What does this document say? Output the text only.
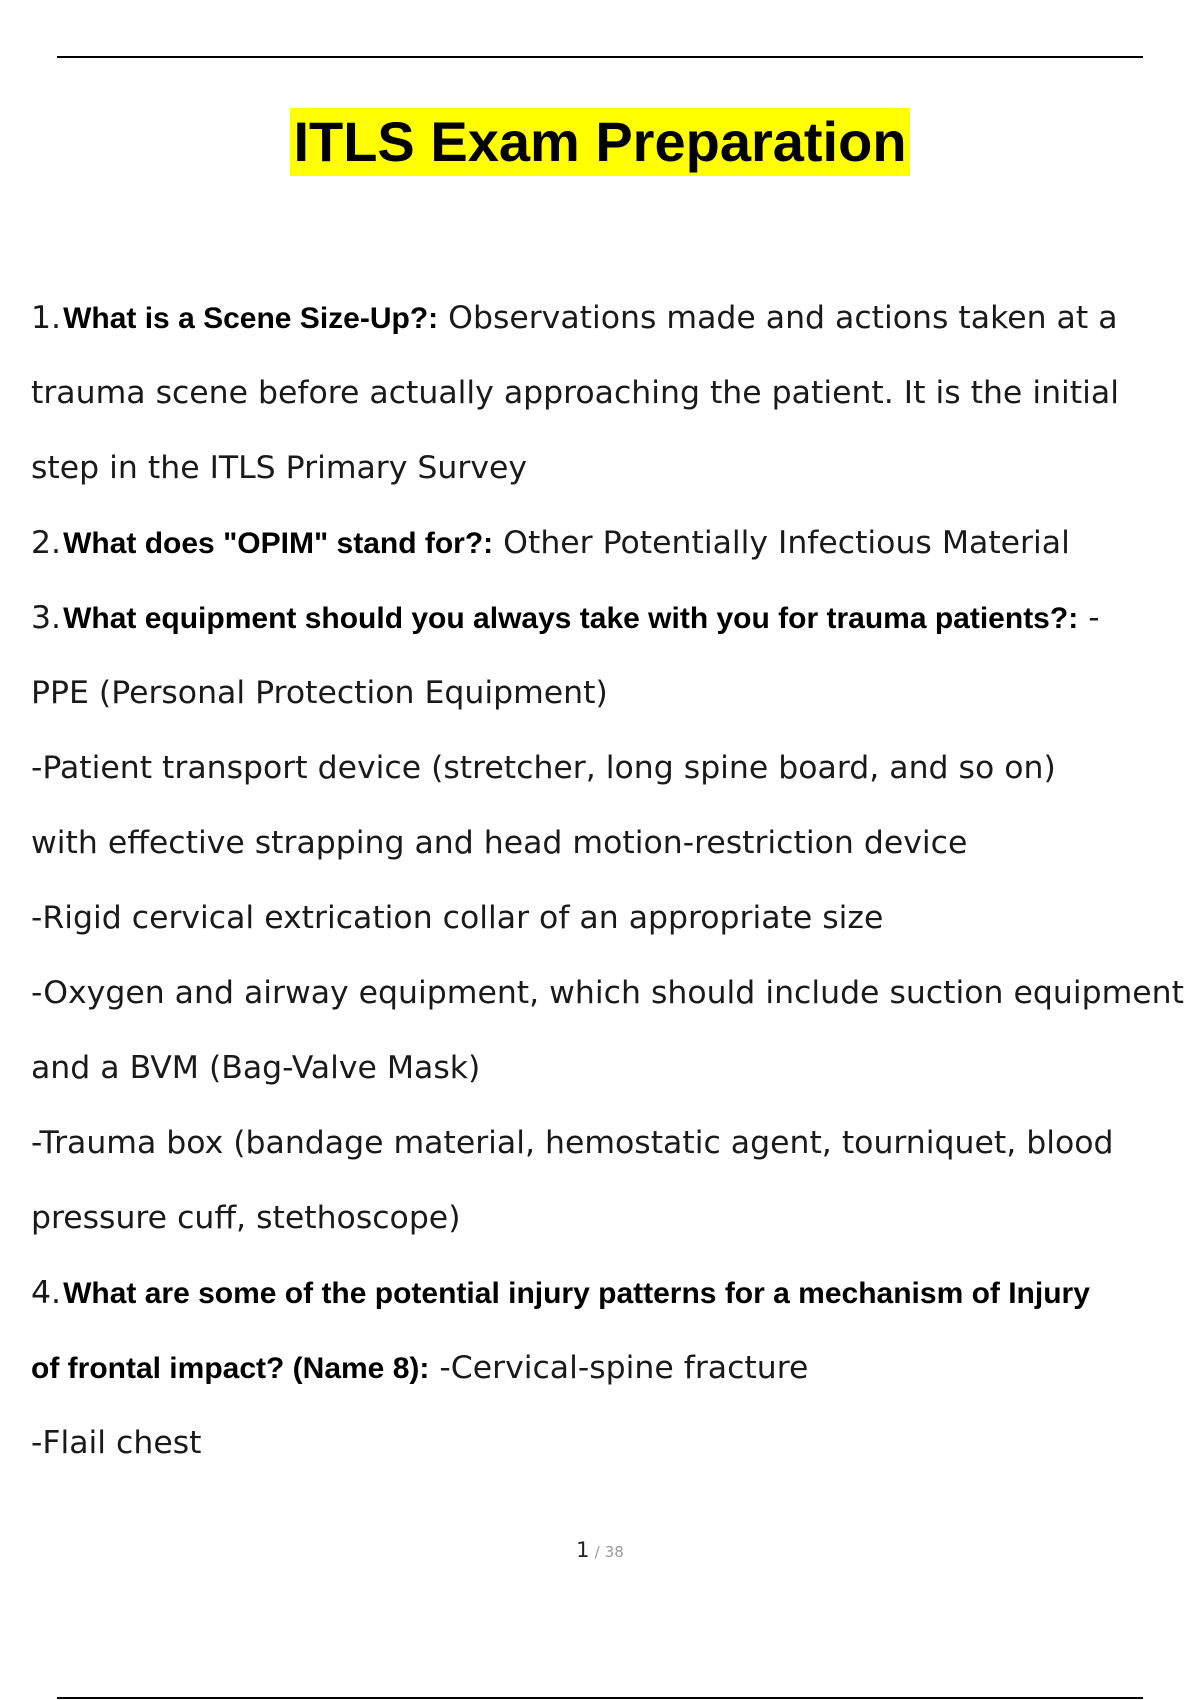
ITLS Exam Preparation
1.What is a Scene Size-Up?: Observations made and actions taken at a
trauma scene before actually approaching the patient. It is the initial
step in the ITLS Primary Survey
2.What does "OPIM" stand for?: Other Potentially Infectious Material
3.What equipment should you always take with you for trauma patients?: -
PPE (Personal Protection Equipment)
-Patient transport device (stretcher, long spine board, and so on)
with effective strapping and head motion-restriction device
-Rigid cervical extrication collar of an appropriate size
-Oxygen and airway equipment, which should include suction equipment
and a BVM (Bag-Valve Mask)
-Trauma box (bandage material, hemostatic agent, tourniquet, blood
pressure cuff, stethoscope)
4.What are some of the potential injury patterns for a mechanism of Injury
of frontal impact? (Name 8): -Cervical-spine fracture
-Flail chest
1 / 38
